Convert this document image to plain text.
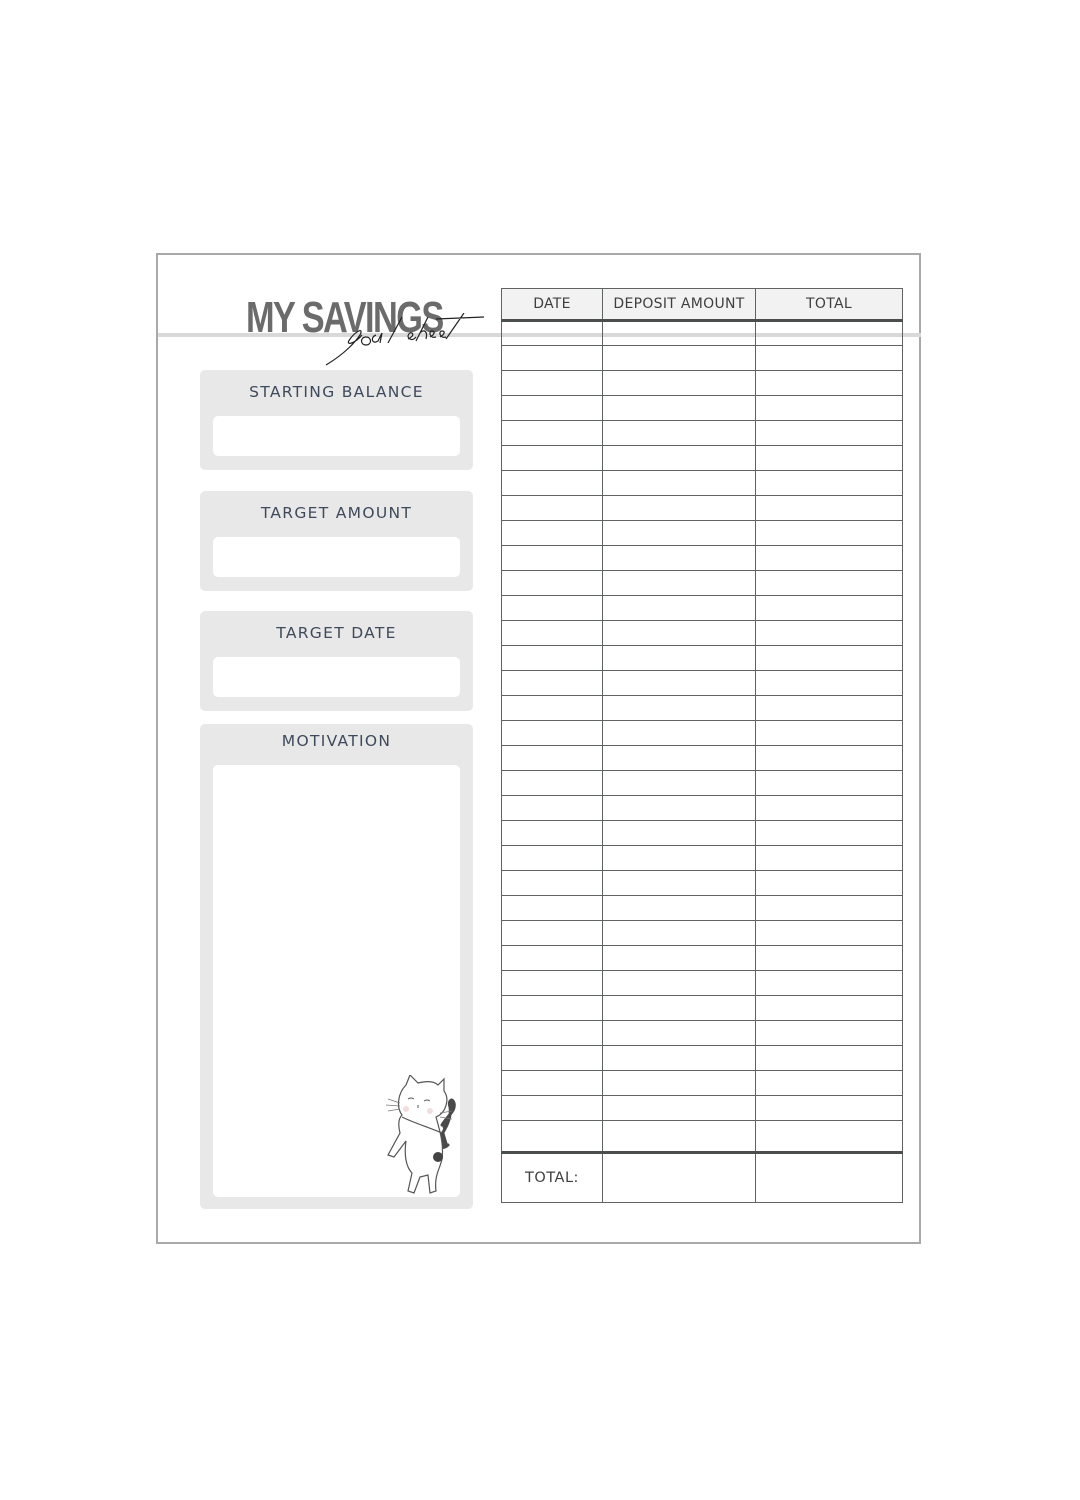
MY SAVINGS
STARTING BALANCE
TARGET AMOUNT
TARGET DATE
MOTIVATION
DATE	DEPOSIT AMOUNT	TOTAL

TOTAL:		
